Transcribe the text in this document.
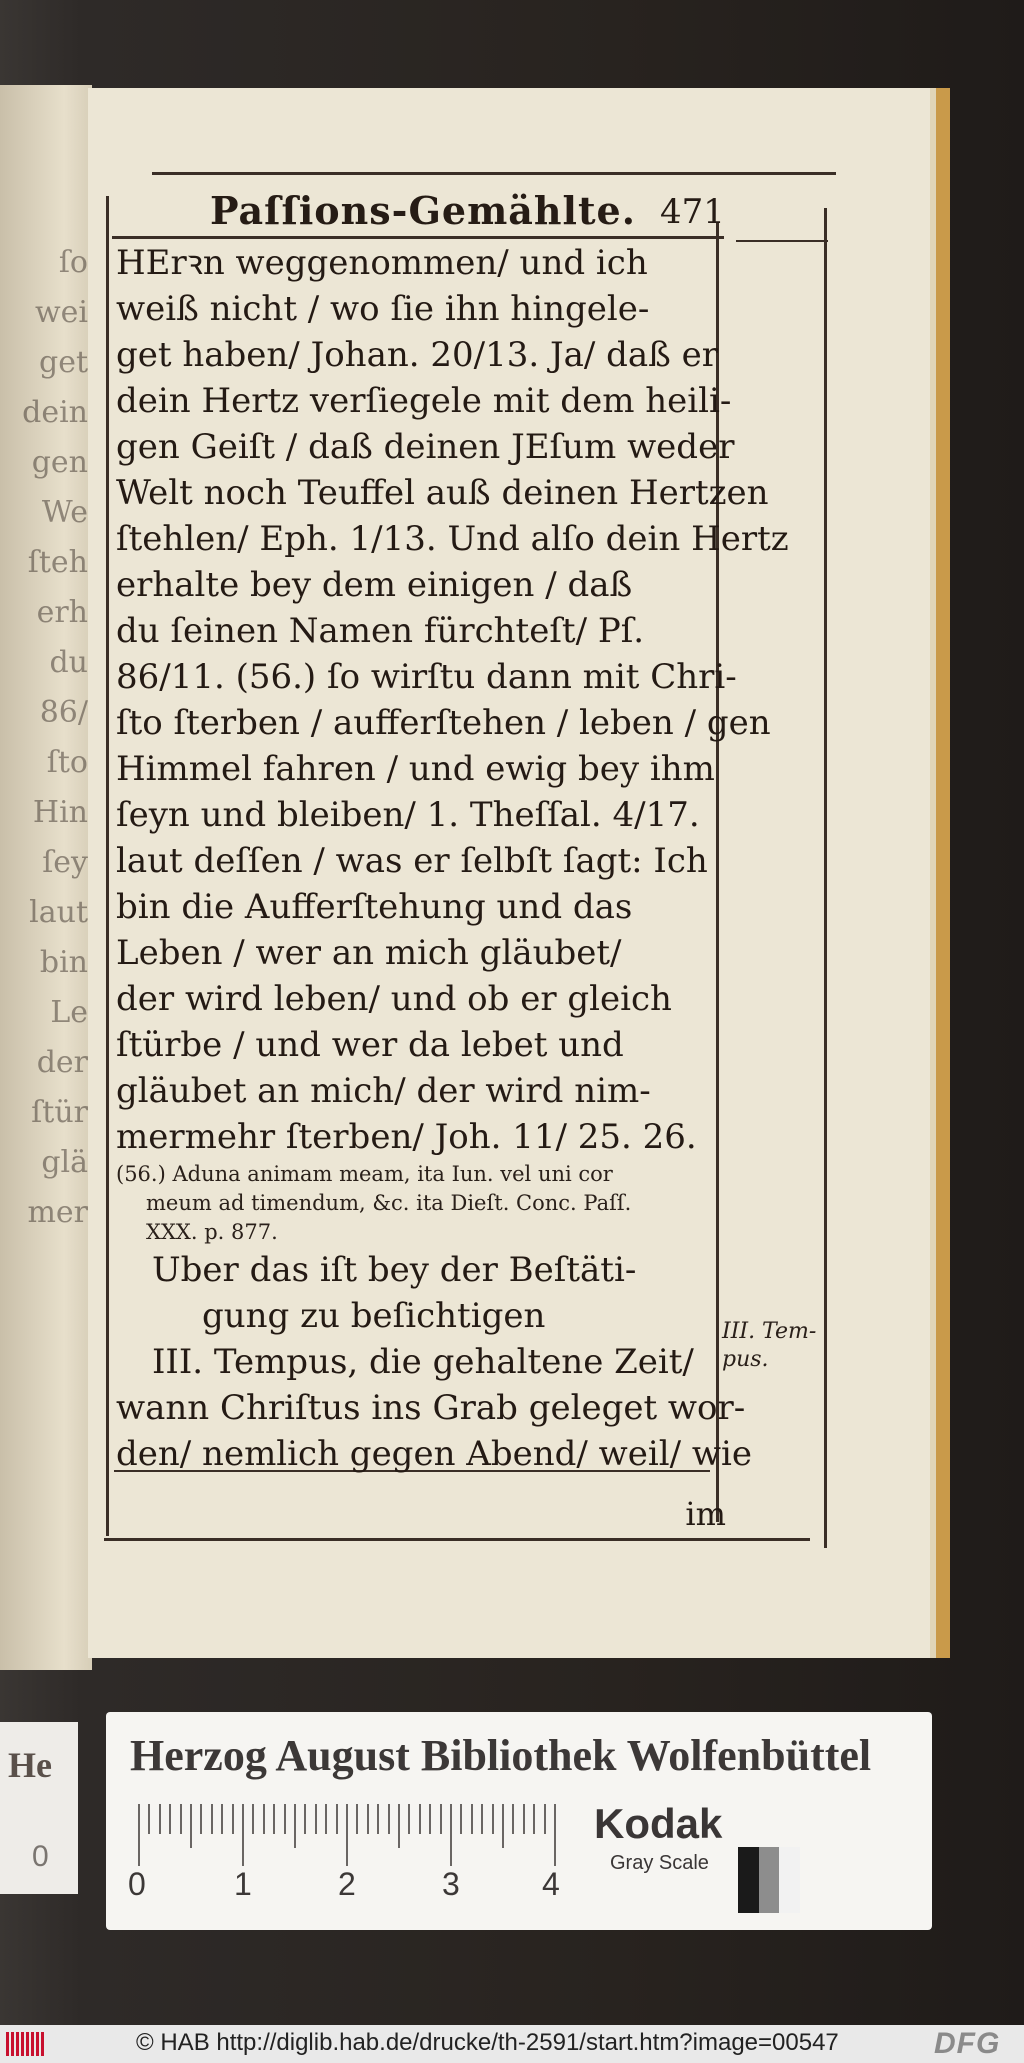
ſo
wei
get
dein
gen
We
ſteh
erh
du
86/
ſto
Hin
ſey
laut
bin
Le
der
ſtür
glä
mer
Paſſions-Gemählte. 471
HErꝛn weggenommen/ und ich
weiß nicht / wo ſie ihn hingele-
get haben/ Johan. 20/13. Ja/ daß er
dein Hertz verſiegele mit dem heili-
gen Geiſt / daß deinen JEſum weder
Welt noch Teuffel auß deinen Hertzen
ſtehlen/ Eph. 1/13. Und alſo dein Hertz
erhalte bey dem einigen / daß
du ſeinen Namen fürchteſt/ Pſ.
86/11. (56.) ſo wirſtu dann mit Chri-
ſto ſterben / aufferſtehen / leben / gen
Himmel fahren / und ewig bey ihm
ſeyn und bleiben/ 1. Theſſal. 4/17.
laut deſſen / was er ſelbſt ſagt: Ich
bin die Aufferſtehung und das
Leben / wer an mich gläubet/
der wird leben/ und ob er gleich
ſtürbe / und wer da lebet und
gläubet an mich/ der wird nim-
mermehr ſterben/ Joh. 11/ 25. 26.
(56.) Aduna animam meam, ita Iun. vel uni cor
meum ad timendum, &c. ita Dieſt. Conc. Paſſ.
XXX. p. 877.
Uber das iſt bey der Beſtäti-
gung zu beſichtigen
III. Tempus, die gehaltene Zeit/
wann Chriſtus ins Grab geleget wor-
den/ nemlich gegen Abend/ weil/ wie
III. Tem-pus.
im
He
0
Herzog August Bibliothek Wolfenbüttel
0	1	2	3	4
Kodak
Gray Scale
© HAB http://diglib.hab.de/drucke/th-2591/start.htm?image=00547	DFG
